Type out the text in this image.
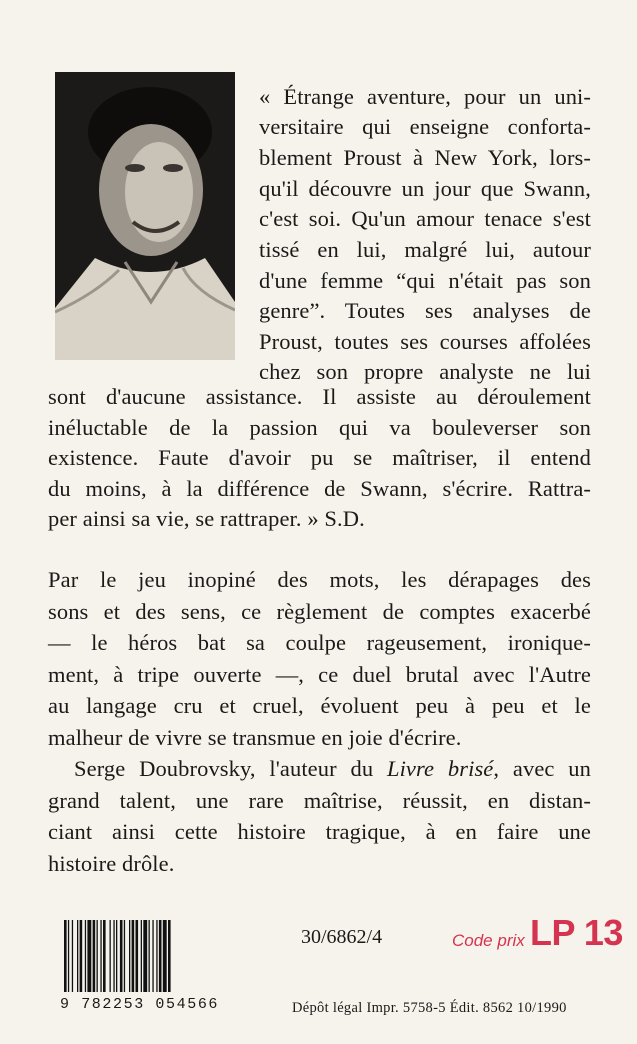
« Étrange aventure, pour un uni-
versitaire qui enseigne conforta-
blement Proust à New York, lors-
qu'il découvre un jour que Swann,
c'est soi. Qu'un amour tenace s'est
tissé en lui, malgré lui, autour
d'une femme “qui n'était pas son
genre”. Toutes ses analyses de
Proust, toutes ses courses affolées
chez son propre analyste ne lui
sont d'aucune assistance. Il assiste au déroulement
inéluctable de la passion qui va bouleverser son
existence. Faute d'avoir pu se maîtriser, il entend
du moins, à la différence de Swann, s'écrire. Rattra-
per ainsi sa vie, se rattraper. » S.D.
Par le jeu inopiné des mots, les dérapages des
sons et des sens, ce règlement de comptes exacerbé
— le héros bat sa coulpe rageusement, ironique-
ment, à tripe ouverte —, ce duel brutal avec l'Autre
au langage cru et cruel, évoluent peu à peu et le
malheur de vivre se transmue en joie d'écrire.
Serge Doubrovsky, l'auteur du Livre brisé, avec un
grand talent, une rare maîtrise, réussit, en distan-
ciant ainsi cette histoire tragique, à en faire une
histoire drôle.
9 782253 054566
30/6862/4	Code prix LP 13
Dépôt légal Impr. 5758-5 Édit. 8562 10/1990
